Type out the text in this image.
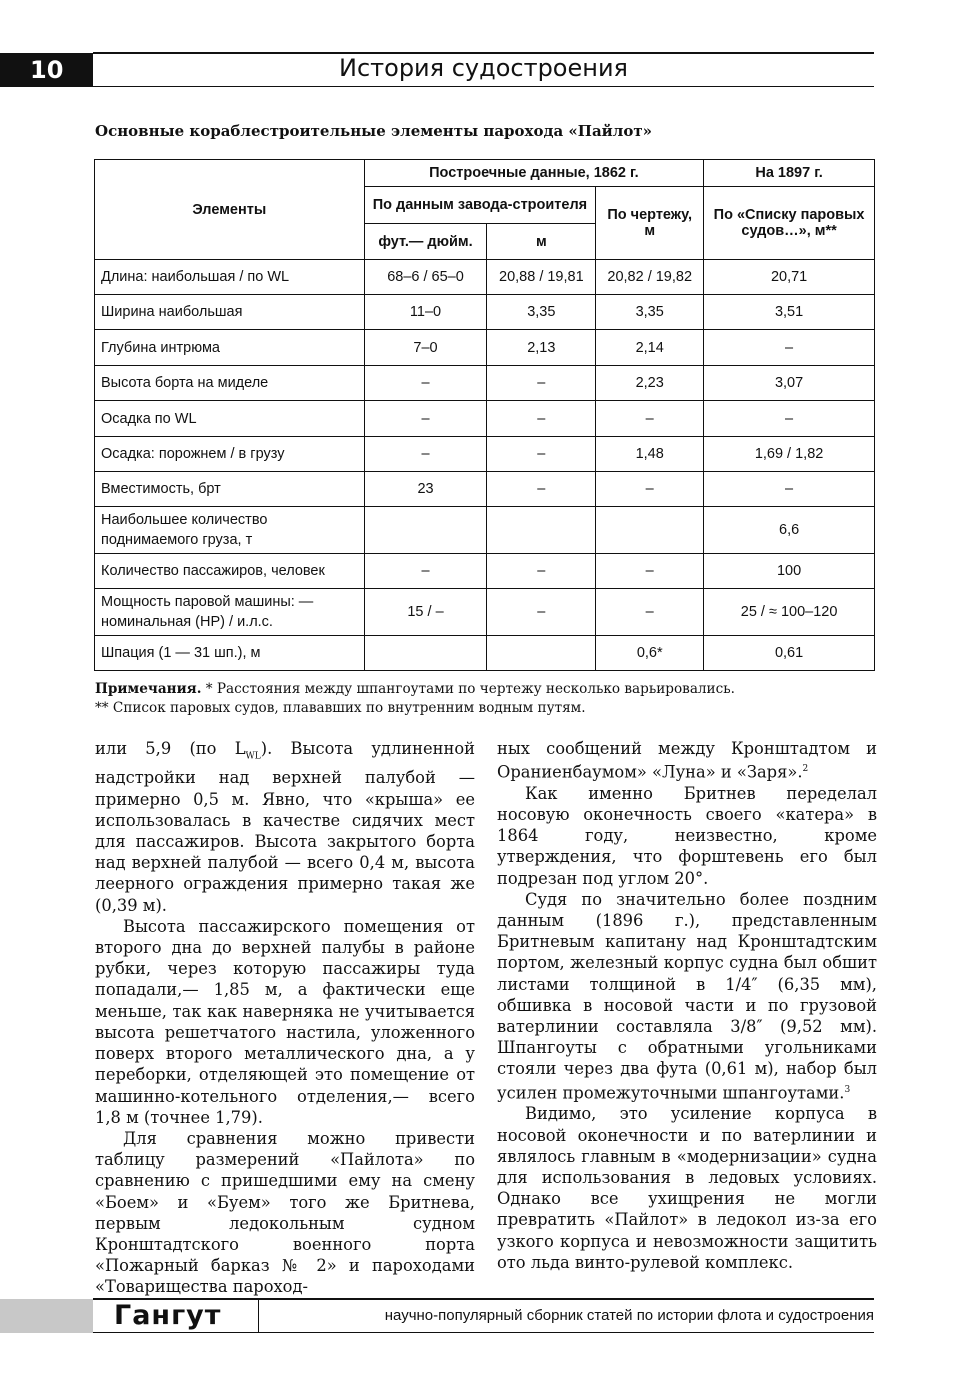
10	История судостроения
Основные кораблестроительные элементы парохода «Пайлот»
Элементы	Построечные данные, 1862 г.			На 1897 г.
	По данным завода-строителя		По чертежу, м	По «Списку паровых судов…», м**
	фут.— дюйм.	м		
Длина: наибольшая / по WL	68–6 / 65–0	20,88 / 19,81	20,82 / 19,82	20,71
Ширина наибольшая	11–0	3,35	3,35	3,51
Глубина интрюма	7–0	2,13	2,14	–
Высота борта на миделе	–	–	2,23	3,07
Осадка по WL	–	–	–	–
Осадка: порожнем / в грузу	–	–	1,48	1,69 / 1,82
Вместимость, брт	23	–	–	–
Наибольшее количество поднимаемого груза, т				6,6
Количество пассажиров, человек	–	–	–	100
Мощность паровой машины: — номинальная (НР) / и.л.с.	15 / –	–	–	25 / ≈ 100–120
Шпация (1 — 31 шп.), м			0,6*	0,61
Примечания. * Расстояния между шпангоутами по чертежу несколько варьировались.
** Список паровых судов, плававших по внутренним водным путям.

или 5,9 (по $L_{WL}$). Высота удлиненной надстройки над верхней палубой — примерно 0,5 м. Явно, что «крыша» ее использовалась в качестве сидячих мест для пассажиров. Высота закрытого борта над верхней палубой — всего 0,4 м, высота леерного ограждения примерно такая же (0,39 м).

Высота пассажирского помещения от второго дна до верхней палубы в районе рубки, через которую пассажиры туда попадали,— 1,85 м, а фактически еще меньше, так как наверняка не учитывается высота решетчатого настила, уложенного поверх второго металлического дна, а у переборки, отделяющей это помещение от машинно-котельного отделения,— всего 1,8 м (точнее 1,79).

Для сравнения можно привести таблицу размерений «Пайлота» по сравнению с пришедшими ему на смену «Боем» и «Буем» того же Бритнева, первым ледокольным судном Кронштадтского военного порта «Пожарный барказ № 2» и пароходами «Товарищества пароход-

ных сообщений между Кронштадтом и Ораниенбаумом» «Луна» и «Заря».$^2$

Как именно Бритнев переделал носовую оконечность своего «катера» в 1864 году, неизвестно, кроме утверждения, что форштевень его был подрезан под углом 20°.

Судя по значительно более поздним данным (1896 г.), представленным Бритневым капитану над Кронштадтским портом, железный корпус судна был обшит листами толщиной в 1/4″ (6,35 мм), обшивка в носовой части и по грузовой ватерлинии составляла 3/8″ (9,52 мм). Шпангоуты с обратными угольниками стояли через два фута (0,61 м), набор был усилен промежуточными шпангоутами.$^3$

Видимо, это усиление корпуса в носовой оконечности и по ватерлинии и являлось главным в «модернизации» судна для использования в ледовых условиях. Однако все ухищрения не могли превратить «Пайлот» в ледокол из-за его узкого корпуса и невозможности защитить ото льда винто-рулевой комплекс.

Гангут	научно-популярный сборник статей по истории флота и судостроения
